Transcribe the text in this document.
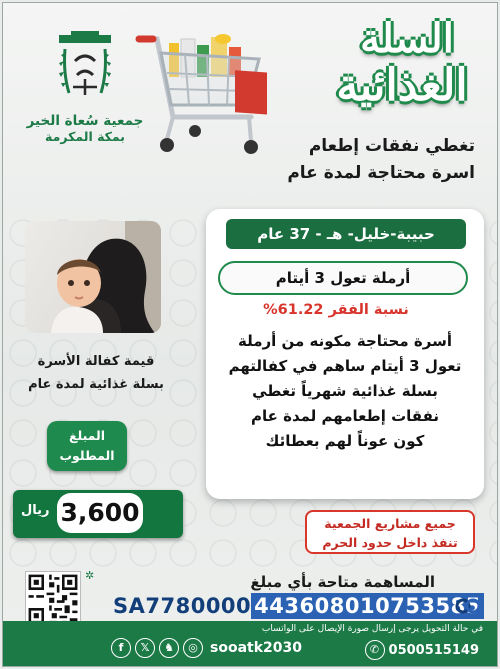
جمعية سُعاة الخير
بمكة المكرمة
السلة
الغذائية
تغطي نفقات إطعام
اسرة محتاجة لمدة عام
قيمة كفالة الأسرة
بسلة غذائية لمدة عام
المبلغ
المطلوب
ريال 3,600
حبيبة-خليل- هـ - 37 عام
أرملة تعول 3 أيتام
نسبة الفقر 61.22%
أسرة محتاجة مكونه من أرملة
تعول 3 أيتام ساهم في كفالتهم
بسلة غذائية شهرياً تغطي
نفقات إطعامهم لمدة عام
كون عوناً لهم بعطائك
جميع مشاريع الجمعية
تنفذ داخل حدود الحرم
✲	المساهمة متاحة بأي مبلغ
SA7780000 443608010753585
في حالة التحويل يرجى إرسال صورة الإيصال على الواتساب
f	𝕏	♞	◎ sooatk2030	✆ 0500515149
